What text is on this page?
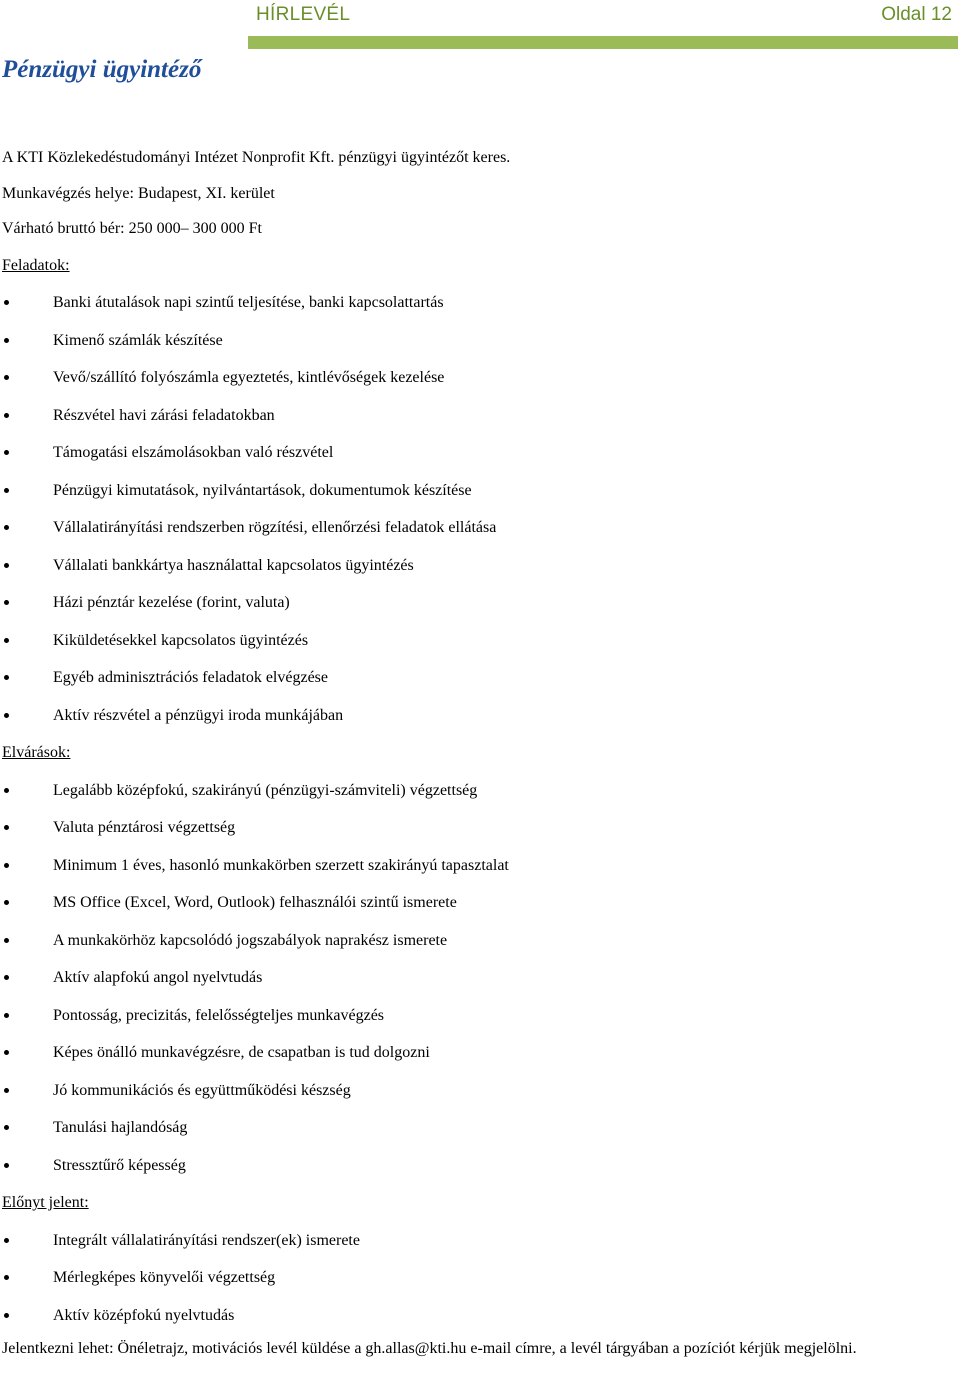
HÍRLEVÉL	Oldal 12
Pénzügyi ügyintéző
A KTI Közlekedéstudományi Intézet Nonprofit Kft. pénzügyi ügyintézőt keres.
Munkavégzés helye: Budapest, XI. kerület
Várható bruttó bér: 250 000– 300 000 Ft
Feladatok:
Banki átutalások napi szintű teljesítése, banki kapcsolattartás
Kimenő számlák készítése
Vevő/szállító folyószámla egyeztetés, kintlévőségek kezelése
Részvétel havi zárási feladatokban
Támogatási elszámolásokban való részvétel
Pénzügyi kimutatások, nyilvántartások, dokumentumok készítése
Vállalatirányítási rendszerben rögzítési, ellenőrzési feladatok ellátása
Vállalati bankkártya használattal kapcsolatos ügyintézés
Házi pénztár kezelése (forint, valuta)
Kiküldetésekkel kapcsolatos ügyintézés
Egyéb adminisztrációs feladatok elvégzése
Aktív részvétel a pénzügyi iroda munkájában
Elvárások:
Legalább középfokú, szakirányú (pénzügyi-számviteli) végzettség
Valuta pénztárosi végzettség
Minimum 1 éves, hasonló munkakörben szerzett szakirányú tapasztalat
MS Office (Excel, Word, Outlook) felhasználói szintű ismerete
A munkakörhöz kapcsolódó jogszabályok naprakész ismerete
Aktív alapfokú angol nyelvtudás
Pontosság, precizitás, felelősségteljes munkavégzés
Képes önálló munkavégzésre, de csapatban is tud dolgozni
Jó kommunikációs és együttműködési készség
Tanulási hajlandóság
Stressztűrő képesség
Előnyt jelent:
Integrált vállalatirányítási rendszer(ek) ismerete
Mérlegképes könyvelői végzettség
Aktív középfokú nyelvtudás
Jelentkezni lehet: Önéletrajz, motivációs levél küldése a gh.allas@kti.hu e-mail címre, a levél tárgyában a pozíciót kérjük megjelölni.
